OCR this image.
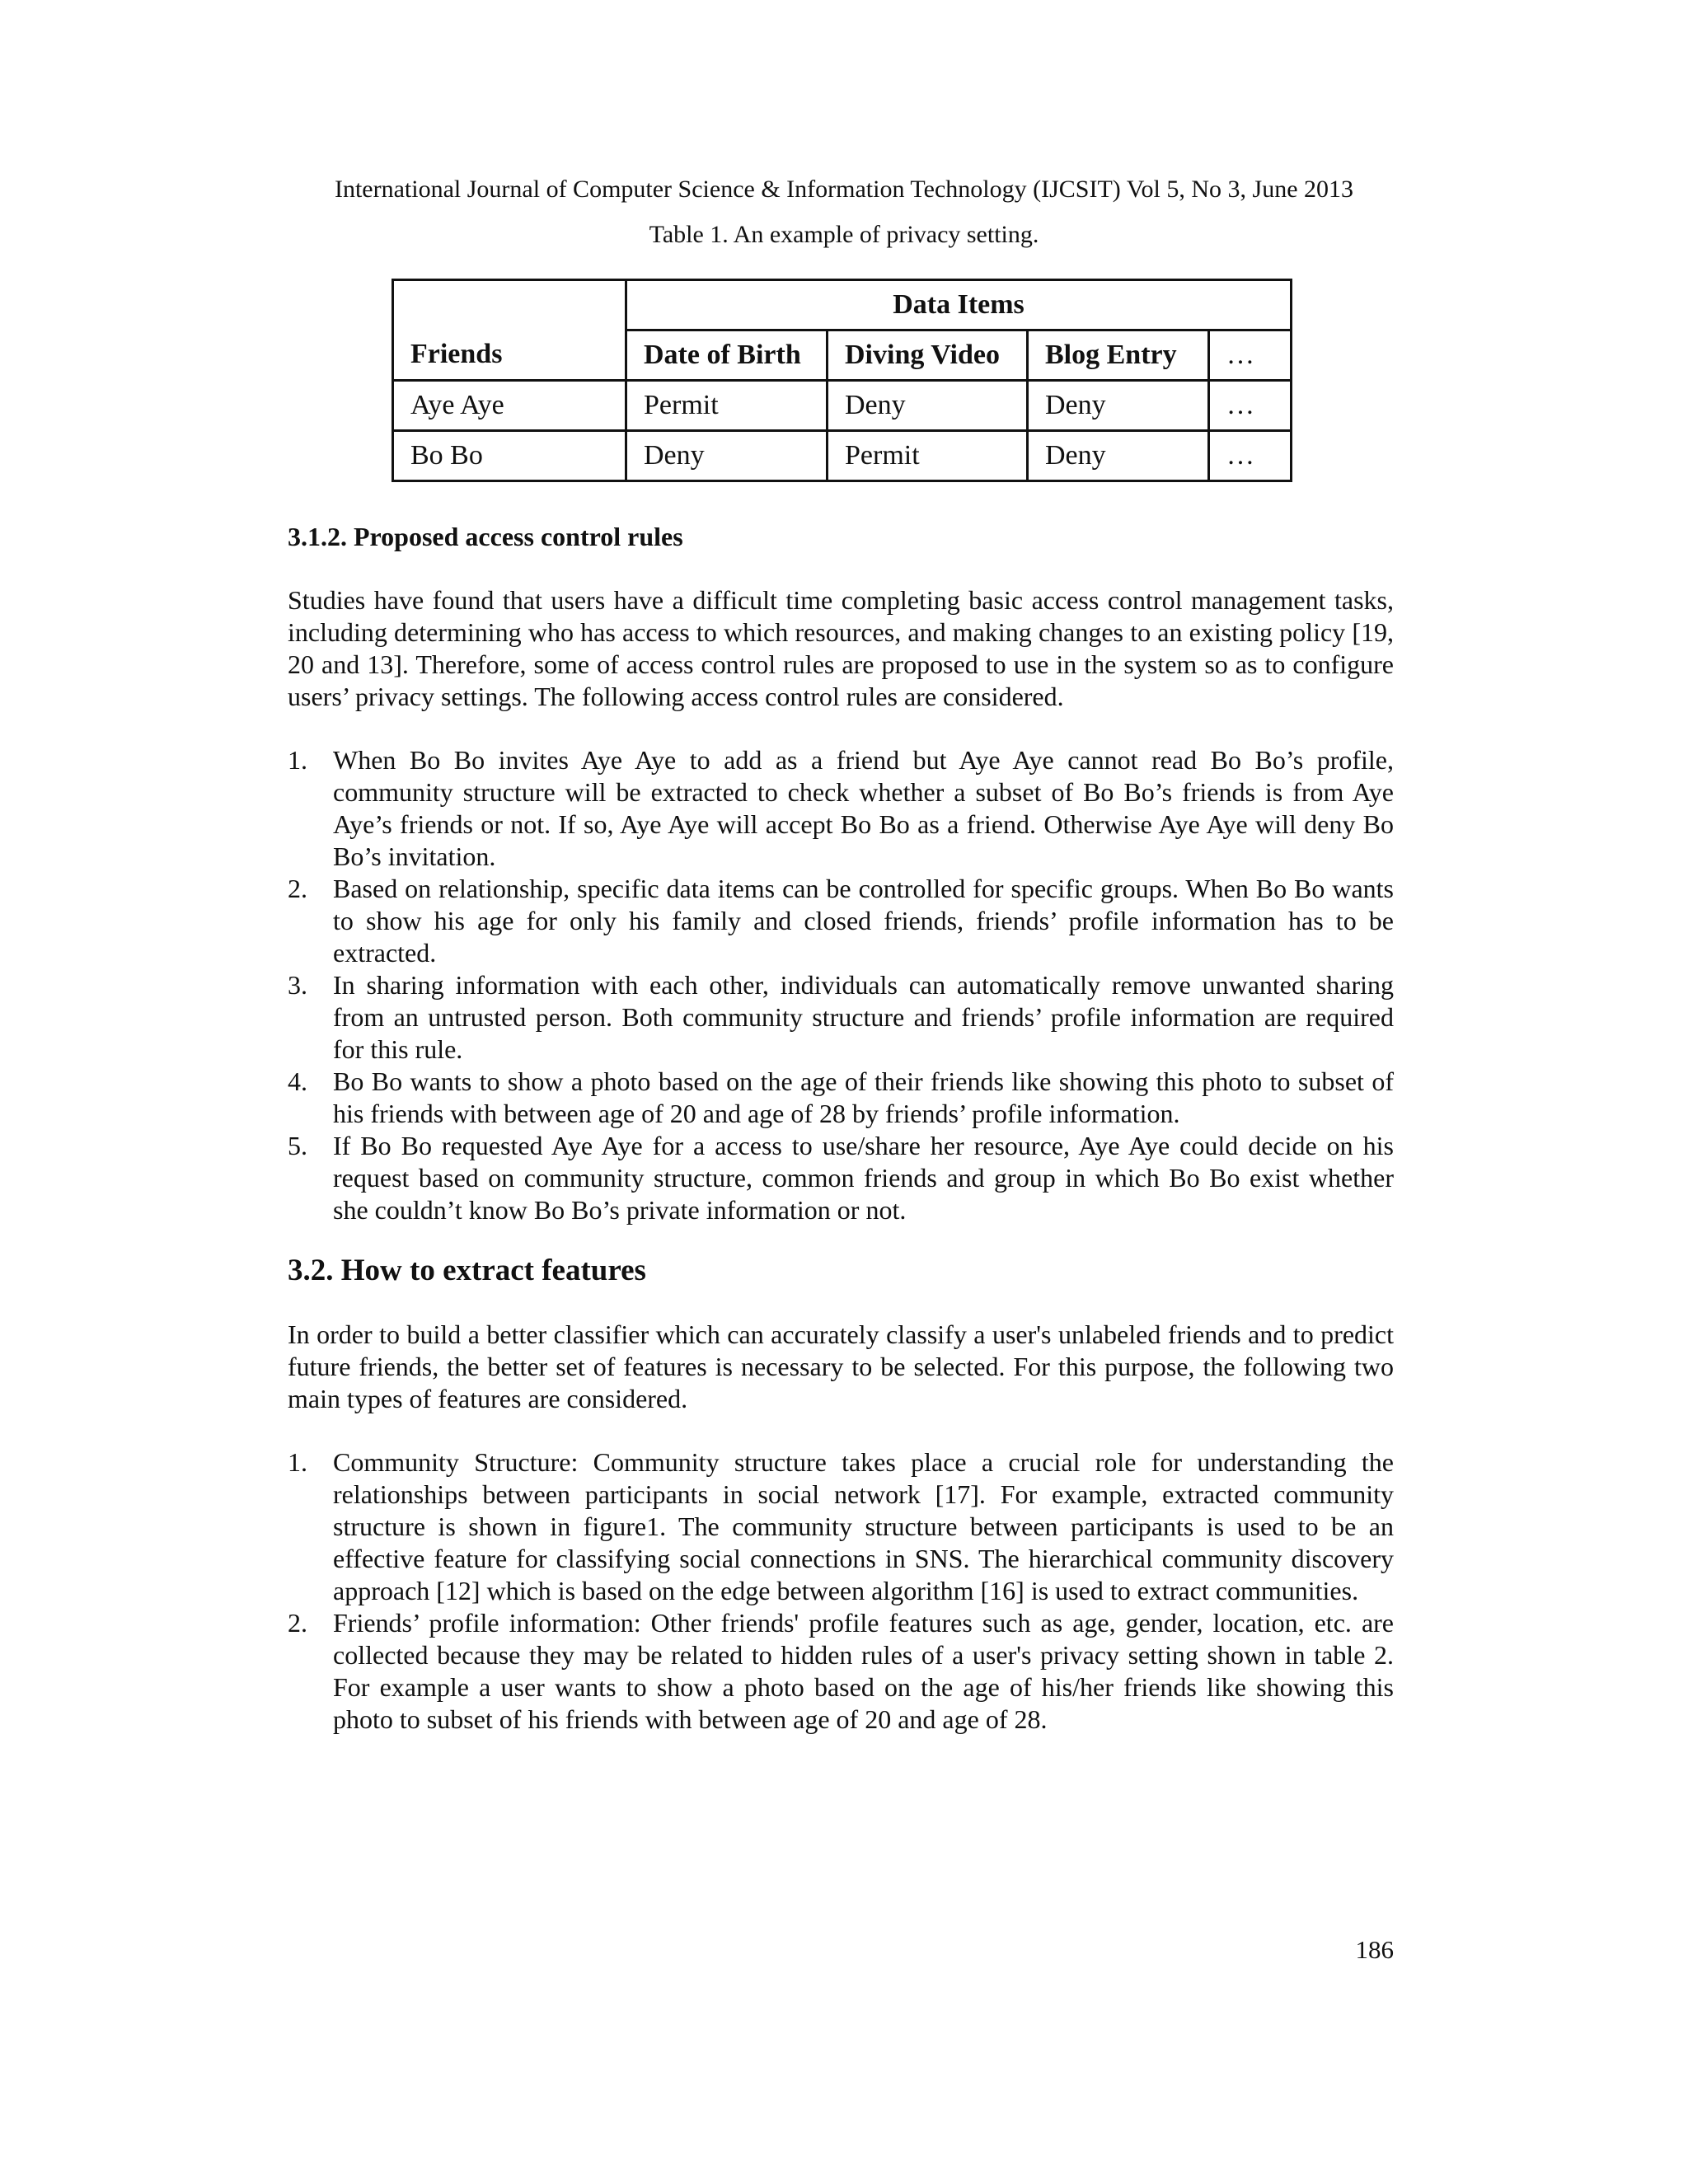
International Journal of Computer Science & Information Technology (IJCSIT) Vol 5, No 3, June 2013
Table 1. An example of privacy setting.
	Data Items			
Friends	Date of Birth	Diving Video	Blog Entry	…
Aye Aye	Permit	Deny	Deny	…
Bo Bo	Deny	Permit	Deny	…

3.1.2. Proposed access control rules

Studies have found that users have a difficult time completing basic access control management tasks, including determining who has access to which resources, and making changes to an existing policy [19, 20 and 13]. Therefore, some of access control rules are proposed to use in the system so as to configure users’ privacy settings. The following access control rules are considered.

1. When Bo Bo invites Aye Aye to add as a friend but Aye Aye cannot read Bo Bo’s profile, community structure will be extracted to check whether a subset of Bo Bo’s friends is from Aye Aye’s friends or not. If so, Aye Aye will accept Bo Bo as a friend. Otherwise Aye Aye will deny Bo Bo’s invitation.
2. Based on relationship, specific data items can be controlled for specific groups. When Bo Bo wants to show his age for only his family and closed friends, friends’ profile information has to be extracted.
3. In sharing information with each other, individuals can automatically remove unwanted sharing from an untrusted person. Both community structure and friends’ profile information are required for this rule.
4. Bo Bo wants to show a photo based on the age of their friends like showing this photo to subset of his friends with between age of 20 and age of 28 by friends’ profile information.
5. If Bo Bo requested Aye Aye for a access to use/share her resource, Aye Aye could decide on his request based on community structure, common friends and group in which Bo Bo exist whether she couldn’t know Bo Bo’s private information or not.

3.2. How to extract features

In order to build a better classifier which can accurately classify a user's unlabeled friends and to predict future friends, the better set of features is necessary to be selected. For this purpose, the following two main types of features are considered.

1. Community Structure: Community structure takes place a crucial role for understanding the relationships between participants in social network [17]. For example, extracted community structure is shown in figure1. The community structure between participants is used to be an effective feature for classifying social connections in SNS. The hierarchical community discovery approach [12] which is based on the edge between algorithm [16] is used to extract communities.
2. Friends’ profile information: Other friends' profile features such as age, gender, location, etc. are collected because they may be related to hidden rules of a user's privacy setting shown in table 2. For example a user wants to show a photo based on the age of his/her friends like showing this photo to subset of his friends with between age of 20 and age of 28.
186
